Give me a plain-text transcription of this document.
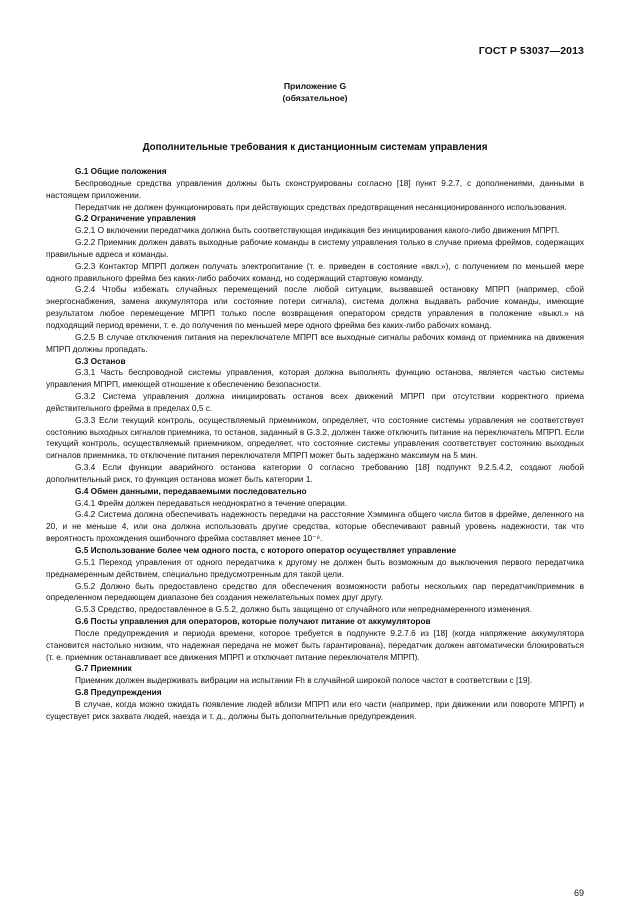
ГОСТ Р 53037—2013
Приложение G
(обязательное)
Дополнительные требования к дистанционным системам управления

G.1 Общие положения

Беспроводные средства управления должны быть сконструированы согласно [18] пункт 9.2.7, с дополнениями, данными в настоящем приложении.

Передатчик не должен функционировать при действующих средствах предотвращения несанкционированного использования.

G.2 Ограничение управления

G.2.1 О включении передатчика должна быть соответствующая индикация без инициирования какого-либо движения МПРП.

G.2.2 Приемник должен давать выходные рабочие команды в систему управления только в случае приема фреймов, содержащих правильные адреса и команды.

G.2.3 Контактор МПРП должен получать электропитание (т. е. приведен в состояние «вкл.»), с получением по меньшей мере одного правильного фрейма без каких-либо рабочих команд, но содержащий стартовую команду.

G.2.4 Чтобы избежать случайных перемещений после любой ситуации, вызвавшей остановку МПРП (например, сбой энергоснабжения, замена аккумулятора или состояние потери сигнала), система должна выдавать рабочие команды, имеющие результатом любое перемещение МПРП только после возвращения оператором средств управления в положение «выкл.» на подходящий период времени, т. е. до получения по меньшей мере одного фрейма без каких-либо рабочих команд.

G.2.5 В случае отключения питания на переключателе МПРП все выходные сигналы рабочих команд от приемника на движения МПРП должны пропадать.

G.3 Останов

G.3.1 Часть беспроводной системы управления, которая должна выполнять функцию останова, является частью системы управления МПРП, имеющей отношение к обеспечению безопасности.

G.3.2 Система управления должна инициировать останов всех движений МПРП при отсутствии корректного приема действительного фрейма в пределах 0,5 с.

G.3.3 Если текущий контроль, осуществляемый приемником, определяет, что состояние системы управления не соответствует состоянию выходных сигналов приемника, то останов, заданный в G.3.2, должен также отключить питание на переключатель МПРП. Если текущий контроль, осуществляемый приемником, определяет, что состояние системы управления соответствует состоянию выходных сигналов приемника, то отключение питания переключателя МПРП может быть задержано максимум на 5 мин.

G.3.4 Если функции аварийного останова категории 0 согласно требованию [18] подпункт 9.2.5.4.2, создают любой дополнительный риск, то функция останова может быть категории 1.

G.4 Обмен данными, передаваемыми последовательно

G.4.1 Фрейм должен передаваться неоднократно в течение операции.

G.4.2 Система должна обеспечивать надежность передачи на расстояние Хэмминга общего числа битов в фрейме, деленного на 20, и не меньше 4, или она должна использовать другие средства, которые обеспечивают равный уровень надежности, так что вероятность прохождения ошибочного фрейма составляет менее 10⁻⁸.

G.5 Использование более чем одного поста, с которого оператор осуществляет управление

G.5.1 Переход управления от одного передатчика к другому не должен быть возможным до выключения первого передатчика преднамеренным действием, специально предусмотренным для такой цели.

G.5.2 Должно быть предоставлено средство для обеспечения возможности работы нескольких пар передатчик/приемник в определенном передающем диапазоне без создания нежелательных помех друг другу.

G.5.3 Средство, предоставленное в G.5.2, должно быть защищено от случайного или непреднамеренного изменения.

G.6 Посты управления для операторов, которые получают питание от аккумуляторов

После предупреждения и периода времени, которое требуется в подпункте 9.2.7.6 из [18] (когда напряжение аккумулятора становится настолько низким, что надежная передача не может быть гарантирована), передатчик должен автоматически блокироваться (т. е. приемник останавливает все движения МПРП и отключает питание переключателя МПРП).

G.7 Приемник

Приемник должен выдерживать вибрации на испытании Fh в случайной широкой полосе частот в соответствии с [19].

G.8 Предупреждения

В случае, когда можно ожидать появление людей вблизи МПРП или его части (например, при движении или повороте МПРП) и существует риск захвата людей, наезда и т. д., должны быть дополнительные предупреждения.

69
